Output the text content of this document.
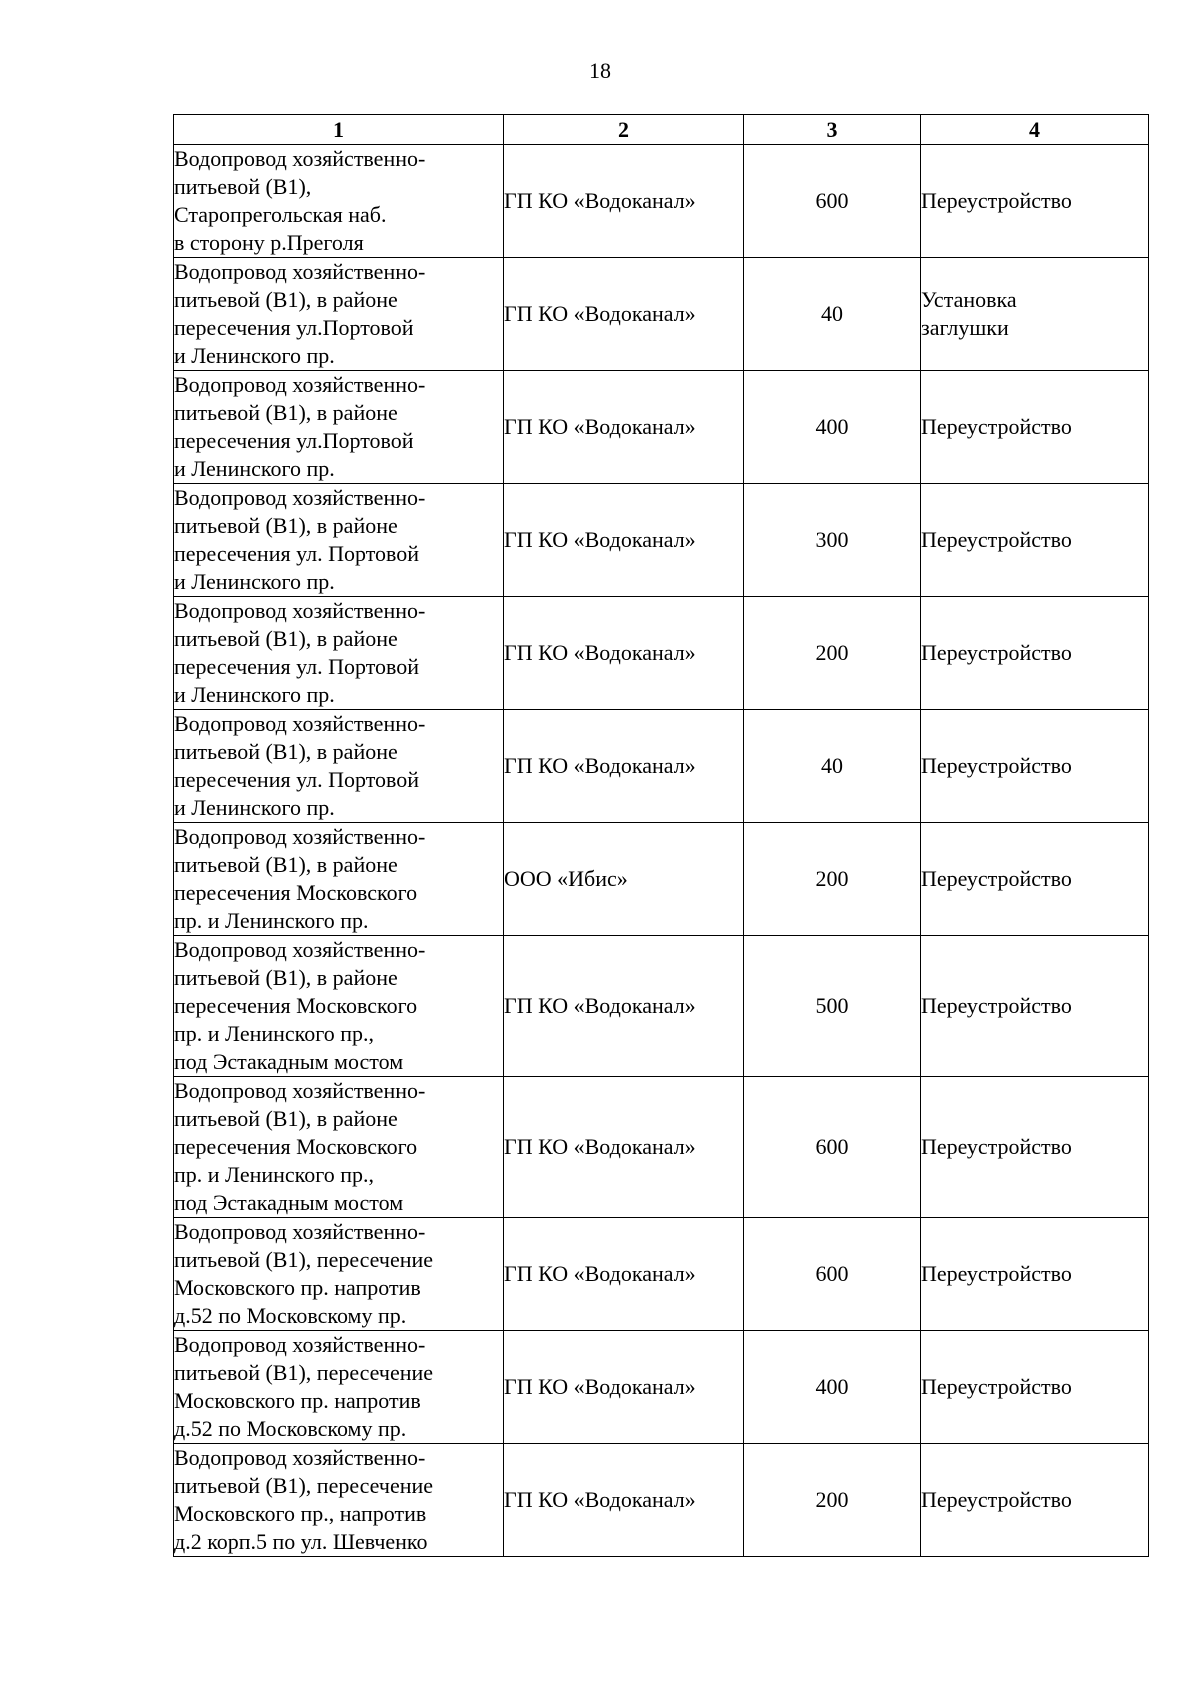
18
1	2	3	4
Водопровод хозяйственно-
питьевой (В1),
Старопрегольская наб.
в сторону р.Преголя	ГП КО «Водоканал»	600	Переустройство
Водопровод хозяйственно-
питьевой (В1), в районе
пересечения ул.Портовой
и Ленинского пр.	ГП КО «Водоканал»	40	Установка
заглушки
Водопровод хозяйственно-
питьевой (В1), в районе
пересечения ул.Портовой
и Ленинского пр.	ГП КО «Водоканал»	400	Переустройство
Водопровод хозяйственно-
питьевой (В1), в районе
пересечения ул. Портовой
и Ленинского пр.	ГП КО «Водоканал»	300	Переустройство
Водопровод хозяйственно-
питьевой (В1), в районе
пересечения ул. Портовой
и Ленинского пр.	ГП КО «Водоканал»	200	Переустройство
Водопровод хозяйственно-
питьевой (В1), в районе
пересечения ул. Портовой
и Ленинского пр.	ГП КО «Водоканал»	40	Переустройство
Водопровод хозяйственно-
питьевой (В1), в районе
пересечения Московского
пр. и Ленинского пр.	ООО «Ибис»	200	Переустройство
Водопровод хозяйственно-
питьевой (В1), в районе
пересечения Московского
пр. и Ленинского пр.,
под Эстакадным мостом	ГП КО «Водоканал»	500	Переустройство
Водопровод хозяйственно-
питьевой (В1), в районе
пересечения Московского
пр. и Ленинского пр.,
под Эстакадным мостом	ГП КО «Водоканал»	600	Переустройство
Водопровод хозяйственно-
питьевой (В1), пересечение
Московского пр. напротив
д.52 по Московскому пр.	ГП КО «Водоканал»	600	Переустройство
Водопровод хозяйственно-
питьевой (В1), пересечение
Московского пр. напротив
д.52 по Московскому пр.	ГП КО «Водоканал»	400	Переустройство
Водопровод хозяйственно-
питьевой (В1), пересечение
Московского пр., напротив
д.2 корп.5 по ул. Шевченко	ГП КО «Водоканал»	200	Переустройство
